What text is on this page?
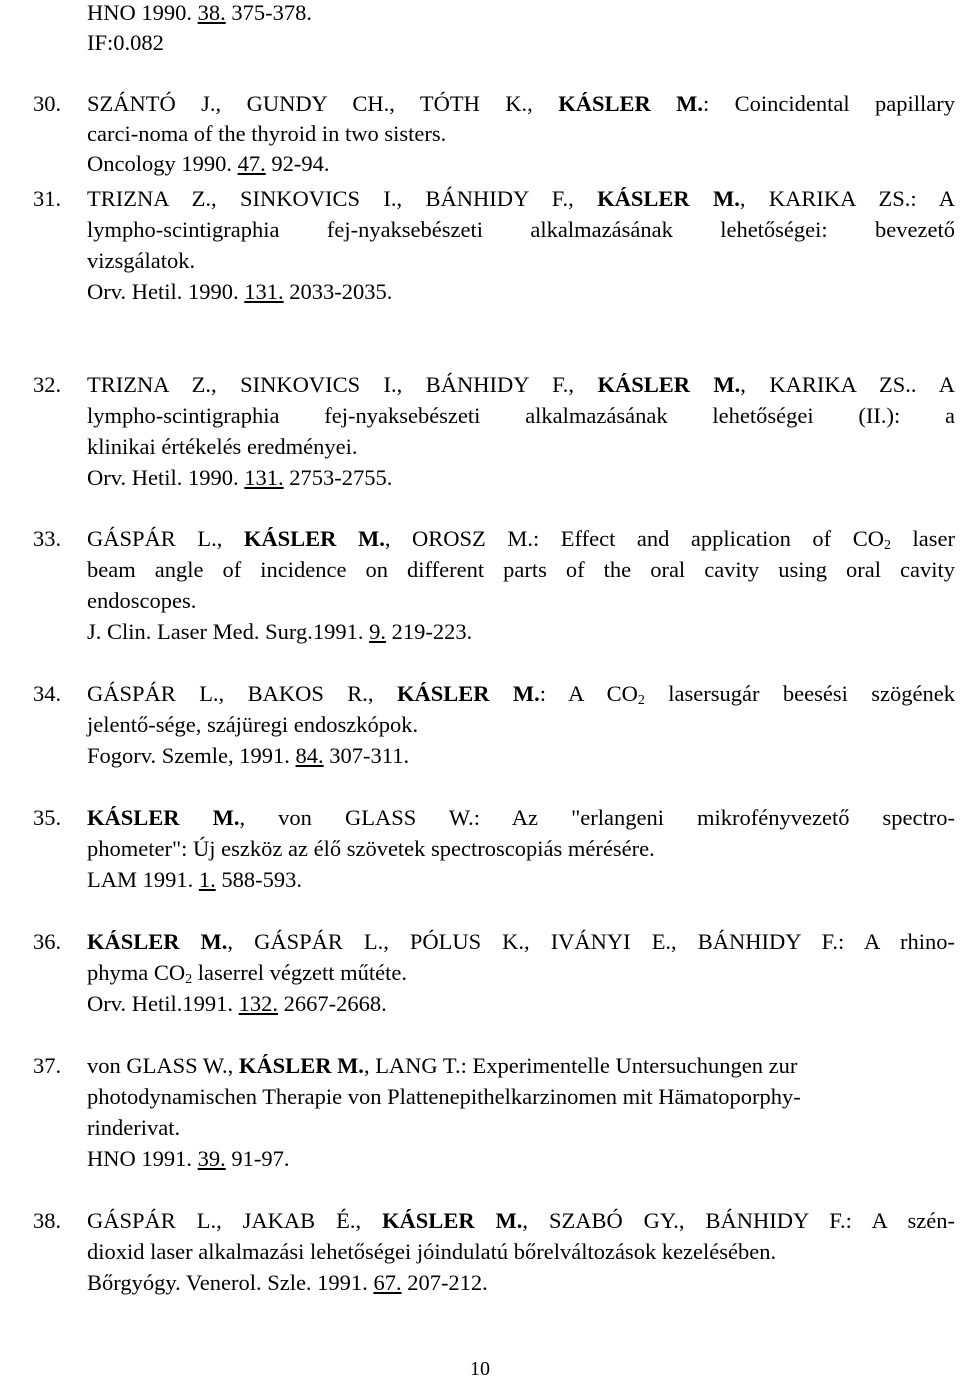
HNO 1990. 38. 375-378.
IF:0.082
30. SZÁNTÓ J., GUNDY CH., TÓTH K., KÁSLER M.: Coincidental papillary
carci-noma of the thyroid in two sisters.
Oncology 1990. 47. 92-94.
31. TRIZNA Z., SINKOVICS I., BÁNHIDY F., KÁSLER M., KARIKA ZS.: A
lympho-scintigraphia fej-nyaksebészeti alkalmazásának lehetőségei: bevezető
vizsgálatok.
Orv. Hetil. 1990. 131. 2033-2035.
32. TRIZNA Z., SINKOVICS I., BÁNHIDY F., KÁSLER M., KARIKA ZS.. A
lympho-scintigraphia fej-nyaksebészeti alkalmazásának lehetőségei (II.): a
klinikai értékelés eredményei.
Orv. Hetil. 1990. 131. 2753-2755.
33. GÁSPÁR L., KÁSLER M., OROSZ M.: Effect and application of $CO_2$ laser
beam angle of incidence on different parts of the oral cavity using oral cavity
endoscopes.
J. Clin. Laser Med. Surg.1991. 9. 219-223.
34. GÁSPÁR L., BAKOS R., KÁSLER M.: A $CO_2$ lasersugár beesési szögének
jelentő-sége, szájüregi endoszkópok.
Fogorv. Szemle, 1991. 84. 307-311.
35. KÁSLER M., von GLASS W.: Az "erlangeni mikrofényvezető spectro-
phometer": Új eszköz az élő szövetek spectroscopiás mérésére.
LAM 1991. 1. 588-593.
36. KÁSLER M., GÁSPÁR L., PÓLUS K., IVÁNYI E., BÁNHIDY F.: A rhino-
phyma $CO_2$ laserrel végzett műtéte.
Orv. Hetil.1991. 132. 2667-2668.
37. von GLASS W., KÁSLER M., LANG T.: Experimentelle Untersuchungen zur
photodynamischen Therapie von Plattenepithelkarzinomen mit Hämatoporphy-
rinderivat.
HNO 1991. 39. 91-97.
38. GÁSPÁR L., JAKAB É., KÁSLER M., SZABÓ GY., BÁNHIDY F.: A szén-
dioxid laser alkalmazási lehetőségei jóindulatú bőrelváltozások kezelésében.
Bőrgyógy. Venerol. Szle. 1991. 67. 207-212.
10
